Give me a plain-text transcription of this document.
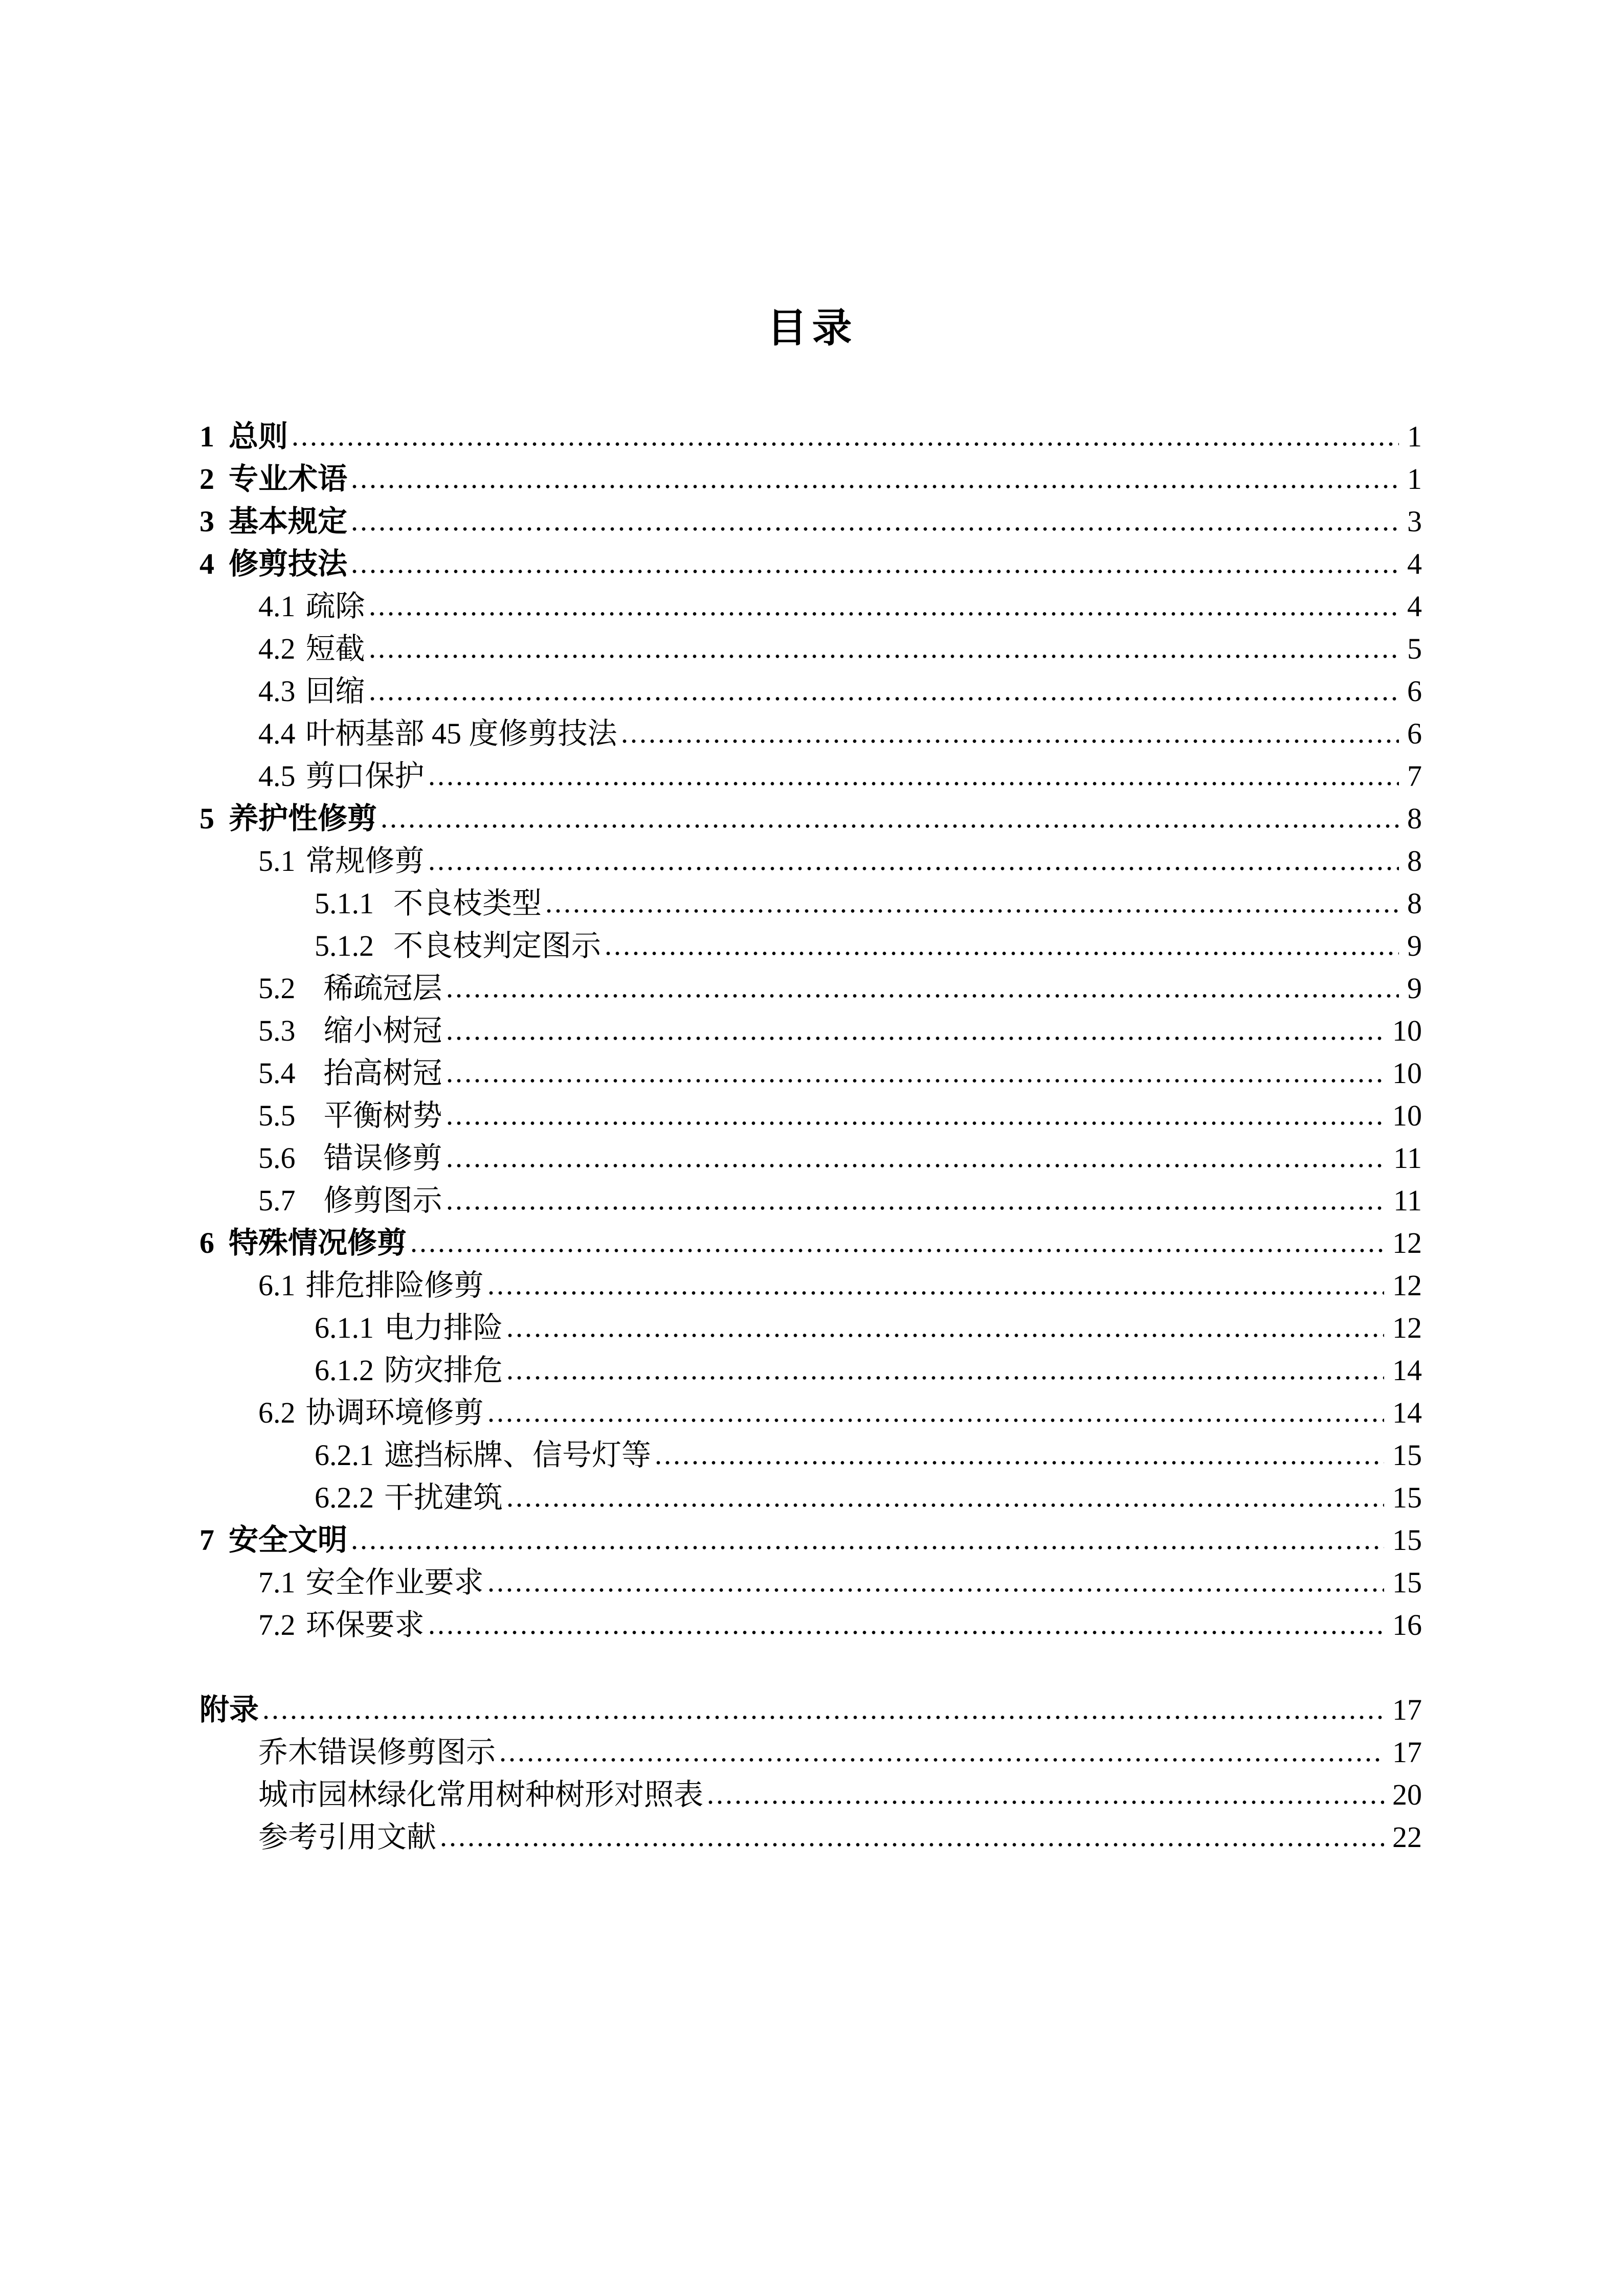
目录
1 总则	1
2 专业术语	1
3 基本规定	3
4 修剪技法	4
4.1 疏除	4
4.2 短截	5
4.3 回缩	6
4.4 叶柄基部 45 度修剪技法	6
4.5 剪口保护	7
5 养护性修剪	8
5.1 常规修剪	8
5.1.1 不良枝类型	8
5.1.2 不良枝判定图示	9
5.2 稀疏冠层	9
5.3 缩小树冠	10
5.4 抬高树冠	10
5.5 平衡树势	10
5.6 错误修剪	11
5.7 修剪图示	11
6 特殊情况修剪	12
6.1 排危排险修剪	12
6.1.1 电力排险	12
6.1.2 防灾排危	14
6.2 协调环境修剪	14
6.2.1 遮挡标牌、信号灯等	15
6.2.2 干扰建筑	15
7 安全文明	15
7.1 安全作业要求	15
7.2 环保要求	16
附录	17
乔木错误修剪图示	17
城市园林绿化常用树种树形对照表	20
参考引用文献	22
